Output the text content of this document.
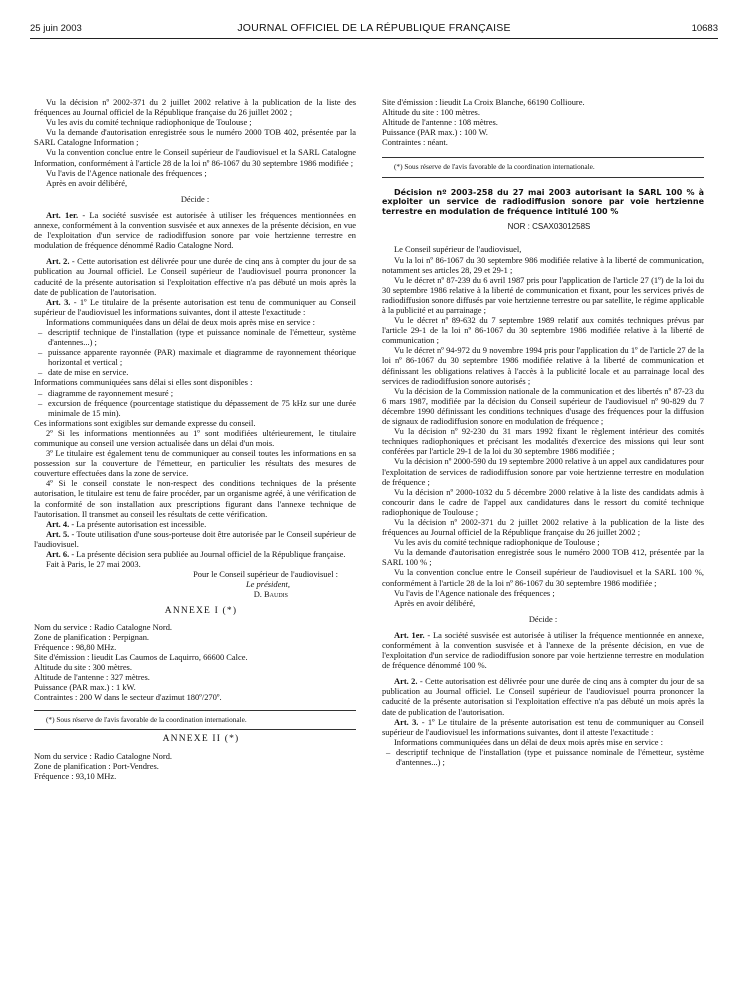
25 juin 2003	JOURNAL OFFICIEL DE LA RÉPUBLIQUE FRANÇAISE	10683

Vu la décision nº 2002-371 du 2 juillet 2002 relative à la publication de la liste des fréquences au Journal officiel de la République française du 26 juillet 2002 ;

Vu les avis du comité technique radiophonique de Toulouse ;

Vu la demande d'autorisation enregistrée sous le numéro 2000 TOB 402, présentée par la SARL Catalogne Information ;

Vu la convention conclue entre le Conseil supérieur de l'audiovisuel et la SARL Catalogne Information, conformément à l'article 28 de la loi nº 86-1067 du 30 septembre 1986 modifiée ;

Vu l'avis de l'Agence nationale des fréquences ;

Après en avoir délibéré,

Décide :

Art. 1er. - La société susvisée est autorisée à utiliser les fréquences mentionnées en annexe, conformément à la convention susvisée et aux annexes de la présente décision, en vue de l'exploitation d'un service de radiodiffusion sonore par voie hertzienne terrestre en modulation de fréquence dénommé Radio Catalogne Nord.

Art. 2. - Cette autorisation est délivrée pour une durée de cinq ans à compter du jour de sa publication au Journal officiel. Le Conseil supérieur de l'audiovisuel pourra prononcer la caducité de la présente autorisation si l'exploitation effective n'a pas débuté un mois après la date de publication de l'autorisation.

Art. 3. - 1º Le titulaire de la présente autorisation est tenu de communiquer au Conseil supérieur de l'audiovisuel les informations suivantes, dont il atteste l'exactitude :

Informations communiquées dans un délai de deux mois après mise en service :

– descriptif technique de l'installation (type et puissance nominale de l'émetteur, système d'antennes...) ;

– puissance apparente rayonnée (PAR) maximale et diagramme de rayonnement théorique horizontal et vertical ;

– date de mise en service.

Informations communiquées sans délai si elles sont disponibles :

– diagramme de rayonnement mesuré ;

– excursion de fréquence (pourcentage statistique du dépassement de 75 kHz sur une durée minimale de 15 min).

Ces informations sont exigibles sur demande expresse du conseil.

2º Si les informations mentionnées au 1º sont modifiées ultérieurement, le titulaire communique au conseil une version actualisée dans un délai d'un mois.

3º Le titulaire est également tenu de communiquer au conseil toutes les informations en sa possession sur la couverture de l'émetteur, en particulier les résultats des mesures de couverture effectuées dans la zone de service.

4º Si le conseil constate le non-respect des conditions techniques de la présente autorisation, le titulaire est tenu de faire procéder, par un organisme agréé, à une vérification de la conformité de son installation aux prescriptions figurant dans l'annexe technique de l'autorisation. Il transmet au conseil les résultats de cette vérification.

Art. 4. - La présente autorisation est incessible.

Art. 5. - Toute utilisation d'une sous-porteuse doit être autorisée par le Conseil supérieur de l'audiovisuel.

Art. 6. - La présente décision sera publiée au Journal officiel de la République française.

Fait à Paris, le 27 mai 2003.

Pour le Conseil supérieur de l'audiovisuel :

Le président,

D. Baudis

ANNEXE I (*)

Nom du service : Radio Catalogne Nord.

Zone de planification : Perpignan.

Fréquence : 98,80 MHz.

Site d'émission : lieudit Las Caumos de Laquirro, 66600 Calce.

Altitude du site : 300 mètres.

Altitude de l'antenne : 327 mètres.

Puissance (PAR max.) : 1 kW.

Contraintes : 200 W dans le secteur d'azimut 180º/270º.

(*) Sous réserve de l'avis favorable de la coordination internationale.

ANNEXE II (*)

Nom du service : Radio Catalogne Nord.

Zone de planification : Port-Vendres.

Fréquence : 93,10 MHz.

Site d'émission : lieudit La Croix Blanche, 66190 Collioure.

Altitude du site : 100 mètres.

Altitude de l'antenne : 108 mètres.

Puissance (PAR max.) : 100 W.

Contraintes : néant.

(*) Sous réserve de l'avis favorable de la coordination internationale.

Décision nº 2003-258 du 27 mai 2003 autorisant la SARL 100 % à exploiter un service de radiodiffusion sonore par voie hertzienne terrestre en modulation de fréquence intitulé 100 %

NOR : CSAX0301258S

Le Conseil supérieur de l'audiovisuel,

Vu la loi nº 86-1067 du 30 septembre 986 modifiée relative à la liberté de communication, notamment ses articles 28, 29 et 29-1 ;

Vu le décret nº 87-239 du 6 avril 1987 pris pour l'application de l'article 27 (1º) de la loi du 30 septembre 1986 relative à la liberté de communication et fixant, pour les services privés de radiodiffusion sonore diffusés par voie hertzienne terrestre ou par satellite, le régime applicable à la publicité et au parrainage ;

Vu le décret nº 89-632 du 7 septembre 1989 relatif aux comités techniques prévus par l'article 29-1 de la loi nº 86-1067 du 30 septembre 1986 modifiée relative à la liberté de communication ;

Vu le décret nº 94-972 du 9 novembre 1994 pris pour l'application du 1º de l'article 27 de la loi nº 86-1067 du 30 septembre 1986 modifiée relative à la liberté de communication et définissant les obligations relatives à l'accès à la publicité locale et au parrainage local des services de radiodiffusion sonore autorisés ;

Vu la décision de la Commission nationale de la communication et des libertés nº 87-23 du 6 mars 1987, modifiée par la décision du Conseil supérieur de l'audiovisuel nº 90-829 du 7 décembre 1990 définissant les conditions techniques d'usage des fréquences pour la diffusion de signaux de radiodiffusion sonore en modulation de fréquence ;

Vu la décision nº 92-230 du 31 mars 1992 fixant le règlement intérieur des comités techniques radiophoniques et précisant les modalités d'exercice des missions qui leur sont conférées par l'article 29-1 de la loi du 30 septembre 1986 modifiée ;

Vu la décision nº 2000-590 du 19 septembre 2000 relative à un appel aux candidatures pour l'exploitation de services de radiodiffusion sonore par voie hertzienne terrestre en modulation de fréquence ;

Vu la décision nº 2000-1032 du 5 décembre 2000 relative à la liste des candidats admis à concourir dans le cadre de l'appel aux candidatures dans le ressort du comité technique radiophonique de Toulouse ;

Vu la décision nº 2002-371 du 2 juillet 2002 relative à la publication de la liste des fréquences au Journal officiel de la République française du 26 juillet 2002 ;

Vu les avis du comité technique radiophonique de Toulouse ;

Vu la demande d'autorisation enregistrée sous le numéro 2000 TOB 412, présentée par la SARL 100 % ;

Vu la convention conclue entre le Conseil supérieur de l'audiovisuel et la SARL 100 %, conformément à l'article 28 de la loi nº 86-1067 du 30 septembre 1986 modifiée ;

Vu l'avis de l'Agence nationale des fréquences ;

Après en avoir délibéré,

Décide :

Art. 1er. - La société susvisée est autorisée à utiliser la fréquence mentionnée en annexe, conformément à la convention susvisée et à l'annexe de la présente décision, en vue de l'exploitation d'un service de radiodiffusion sonore par voie hertzienne terrestre en modulation de fréquence dénommé 100 %.

Art. 2. - Cette autorisation est délivrée pour une durée de cinq ans à compter du jour de sa publication au Journal officiel. Le Conseil supérieur de l'audiovisuel pourra prononcer la caducité de la présente autorisation si l'exploitation effective n'a pas débuté un mois après la date de publication de l'autorisation.

Art. 3. - 1º Le titulaire de la présente autorisation est tenu de communiquer au Conseil supérieur de l'audiovisuel les informations suivantes, dont il atteste l'exactitude :

Informations communiquées dans un délai de deux mois après mise en service :

– descriptif technique de l'installation (type et puissance nominale de l'émetteur, système d'antennes...) ;
